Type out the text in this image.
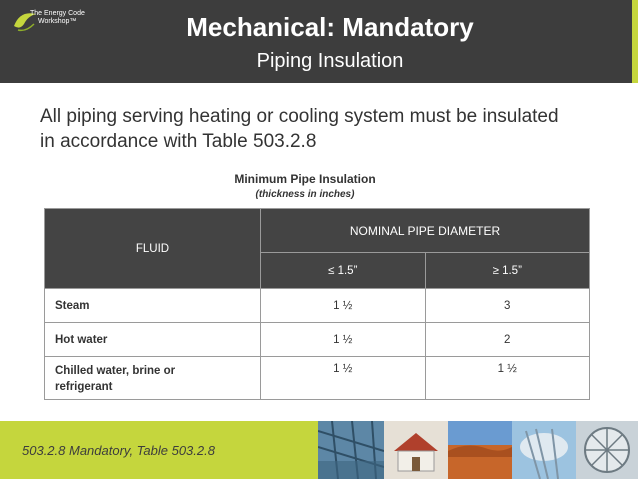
The Energy Code
Workshop™	Mechanical: Mandatory
Piping Insulation
All piping serving heating or cooling system must be insulated
in accordance with Table 503.2.8
Minimum Pipe Insulation
(thickness in inches)
FLUID	NOMINAL PIPE DIAMETER	
	≤ 1.5”	≥ 1.5”
Steam	1 ½	3
Hot water	1 ½	2

Chilled water, brine or
refrigerant	1 ½	1 ½
503.2.8 Mandatory, Table 503.2.8
